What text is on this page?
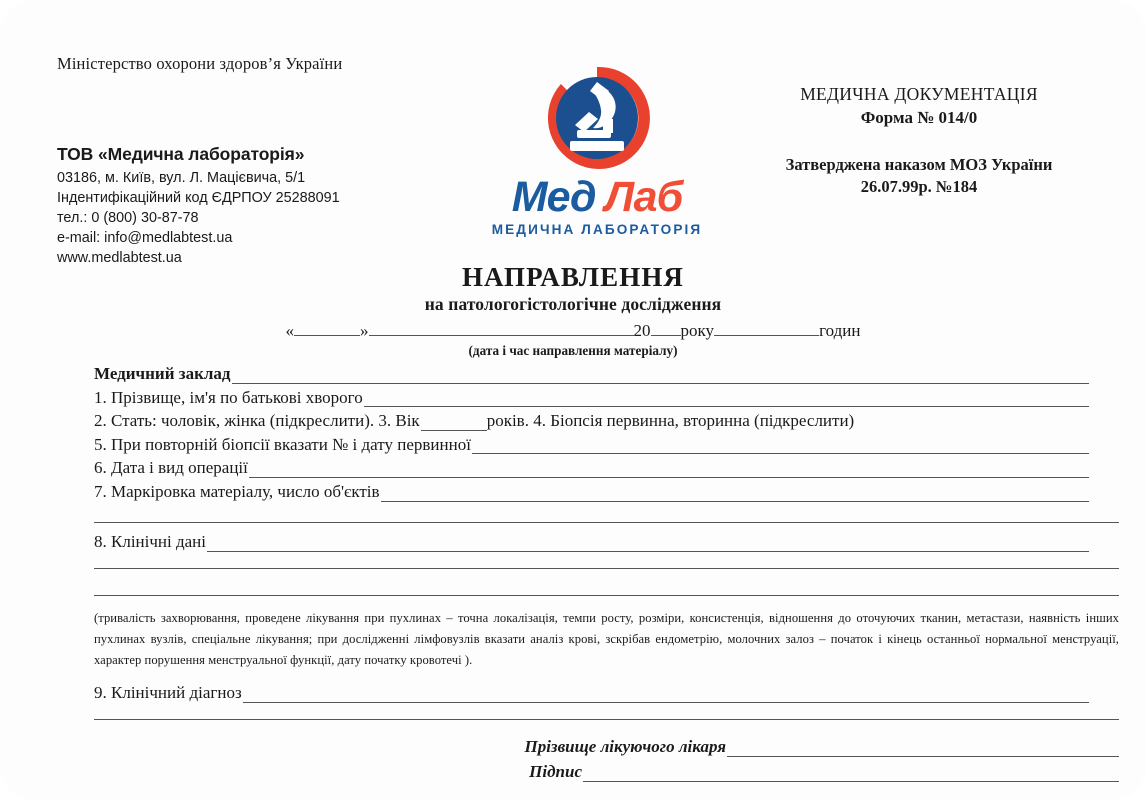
Міністерство охорони здоров’я України
ТОВ «Медична лабораторія»
03186, м. Київ, вул. Л. Мацієвича, 5/1
Індентифікаційний код ЄДРПОУ 25288091
тел.: 0 (800) 30-87-78
e-mail: info@medlabtest.ua
www.medlabtest.ua
МЕДИЧНА ДОКУМЕНТАЦІЯ
Форма № 014/0
Затверджена наказом МОЗ України
26.07.99р. №184
Мед Лаб
МЕДИЧНА ЛАБОРАТОРІЯ
НАПРАВЛЕННЯ
на патологогістологічне дослідження
«	»	20 року	годин
(дата і час направлення матеріалу)
Медичний заклад
1. Прізвище, ім'я по батькові хворого
2. Стать: чоловік, жінка (підкреслити). 3. Вік	років. 4. Біопсія первинна, вторинна (підкреслити)
5. При повторній біопсії вказати № і дату первинної
6. Дата і вид операції
7. Маркіровка матеріалу, число об'єктів
8. Клінічні дані
(тривалість захворювання, проведене лікування при пухлинах – точна локалізація, темпи росту, розміри, консистенція, відношення до оточуючих тканин, метастази, наявність інших пухлинах вузлів, спеціальне лікування; при дослідженні лімфовузлів вказати аналіз крові, зскрібав ендометрію, молочних залоз – початок і кінець останньої нормальної менструації, характер порушення менструальної функції, дату початку кровотечі ).
9. Клінічний діагноз
Прізвище лікуючого лікаря
Підпис
